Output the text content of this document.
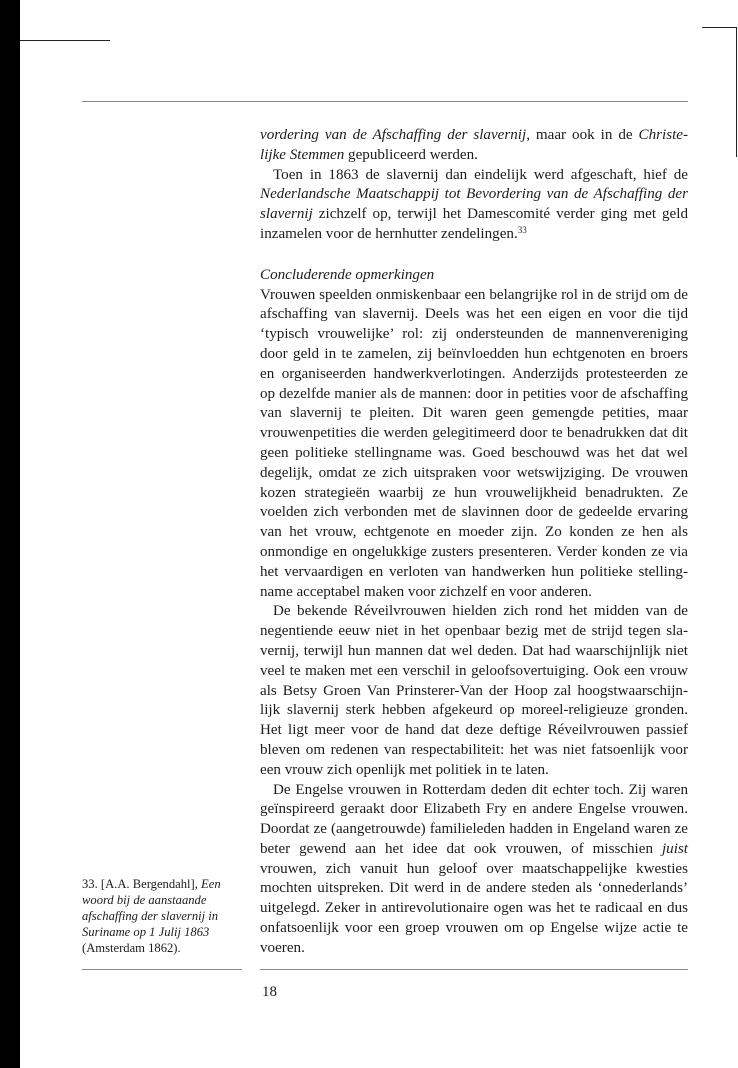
vordering van de Afschaffing der slavernij, maar ook in de Christe-lijke Stemmen gepubliceerd werden.

Toen in 1863 de slavernij dan eindelijk werd afgeschaft, hief de Nederlandsche Maatschappij tot Bevordering van de Afschaffing der slavernij zichzelf op, terwijl het Damescomité verder ging met geld inzamelen voor de hernhutter zendelingen.$^{33}$

Concluderende opmerkingen

Vrouwen speelden onmiskenbaar een belangrijke rol in de strijd om de afschaffing van slavernij. Deels was het een eigen en voor die tijd ‘typisch vrouwelijke’ rol: zij ondersteunden de mannenvereniging door geld in te zamelen, zij beïnvloedden hun echtgenoten en broers en organiseerden handwerkverlotingen. Anderzijds protesteerden ze op dezelfde manier als de mannen: door in petities voor de afschaffing van slavernij te pleiten. Dit waren geen gemengde petities, maar vrouwenpetities die werden gelegitimeerd door te benadrukken dat dit geen politieke stellingname was. Goed beschouwd was het dat wel degelijk, omdat ze zich uitspraken voor wetswijziging. De vrouwen kozen strategieën waarbij ze hun vrouwelijkheid benadrukten. Ze voelden zich verbonden met de slavinnen door de gedeelde ervaring van het vrouw, echtgenote en moeder zijn. Zo konden ze hen als onmondige en ongelukkige zusters presenteren. Verder konden ze via het vervaardigen en verloten van handwerken hun politieke stelling-name acceptabel maken voor zichzelf en voor anderen.

De bekende Réveilvrouwen hielden zich rond het midden van de negentiende eeuw niet in het openbaar bezig met de strijd tegen sla-vernij, terwijl hun mannen dat wel deden. Dat had waarschijnlijk niet veel te maken met een verschil in geloofsovertuiging. Ook een vrouw als Betsy Groen Van Prinsterer-Van der Hoop zal hoogstwaarschijn-lijk slavernij sterk hebben afgekeurd op moreel-religieuze gronden. Het ligt meer voor de hand dat deze deftige Réveilvrouwen passief bleven om redenen van respectabiliteit: het was niet fatsoenlijk voor een vrouw zich openlijk met politiek in te laten.

De Engelse vrouwen in Rotterdam deden dit echter toch. Zij waren geïnspireerd geraakt door Elizabeth Fry en andere Engelse vrouwen. Doordat ze (aangetrouwde) familieleden hadden in Engeland waren ze beter gewend aan het idee dat ook vrouwen, of misschien juist vrouwen, zich vanuit hun geloof over maatschappelijke kwesties mochten uitspreken. Dit werd in de andere steden als ‘onnederlands’ uitgelegd. Zeker in antirevolutionaire ogen was het te radicaal en dus onfatsoenlijk voor een groep vrouwen om op Engelse wijze actie te voeren.

33. [A.A. Bergendahl], Een woord bij de aanstaande afschaffing der slavernij in Suriname op 1 Julij 1863 (Amsterdam 1862).
18
